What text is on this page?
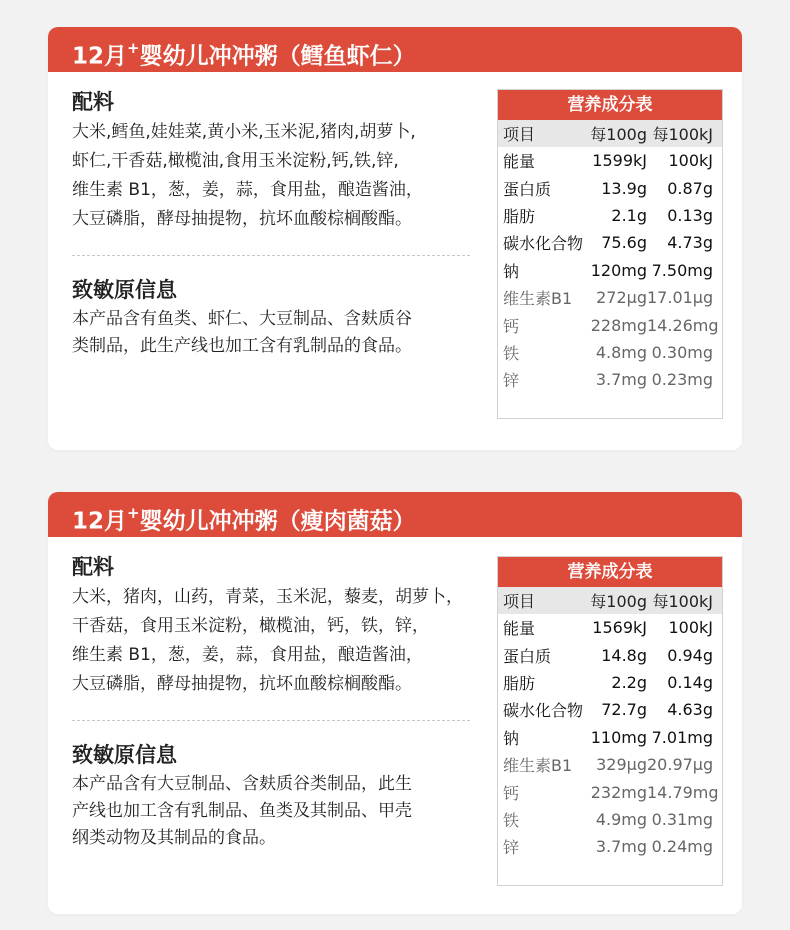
12月+婴幼儿冲冲粥（鳕鱼虾仁）
配料
大米,鳕鱼,娃娃菜,黄小米,玉米泥,猪肉,胡萝卜,
虾仁,干香菇,橄榄油,食用玉米淀粉,钙,铁,锌,
维生素 B1，葱，姜，蒜，食用盐，酿造酱油，
大豆磷脂，酵母抽提物，抗坏血酸棕榈酸酯。
致敏原信息
本产品含有鱼类、虾仁、大豆制品、含麸质谷
类制品，此生产线也加工含有乳制品的食品。
营养成分表
项目	每100g 每100kJ
能量	1599kJ	100kJ
蛋白质	13.9g	0.87g
脂肪	2.1g	0.13g
碳水化合物	75.6g	4.73g
钠	120mg 7.50mg
维生素B1	272μg 17.01μg
钙	228mg 14.26mg
铁	4.8mg 0.30mg
锌	3.7mg 0.23mg
12月+婴幼儿冲冲粥（瘦肉菌菇）
配料
大米，猪肉，山药，青菜，玉米泥，藜麦，胡萝卜，
干香菇，食用玉米淀粉，橄榄油，钙，铁，锌，
维生素 B1，葱，姜，蒜，食用盐，酿造酱油，
大豆磷脂，酵母抽提物，抗坏血酸棕榈酸酯。
致敏原信息
本产品含有大豆制品、含麸质谷类制品，此生
产线也加工含有乳制品、鱼类及其制品、甲壳
纲类动物及其制品的食品。
营养成分表
项目	每100g 每100kJ
能量	1569kJ	100kJ
蛋白质	14.8g	0.94g
脂肪	2.2g	0.14g
碳水化合物	72.7g	4.63g
钠	110mg 7.01mg
维生素B1	329μg 20.97μg
钙	232mg 14.79mg
铁	4.9mg 0.31mg
锌	3.7mg 0.24mg
